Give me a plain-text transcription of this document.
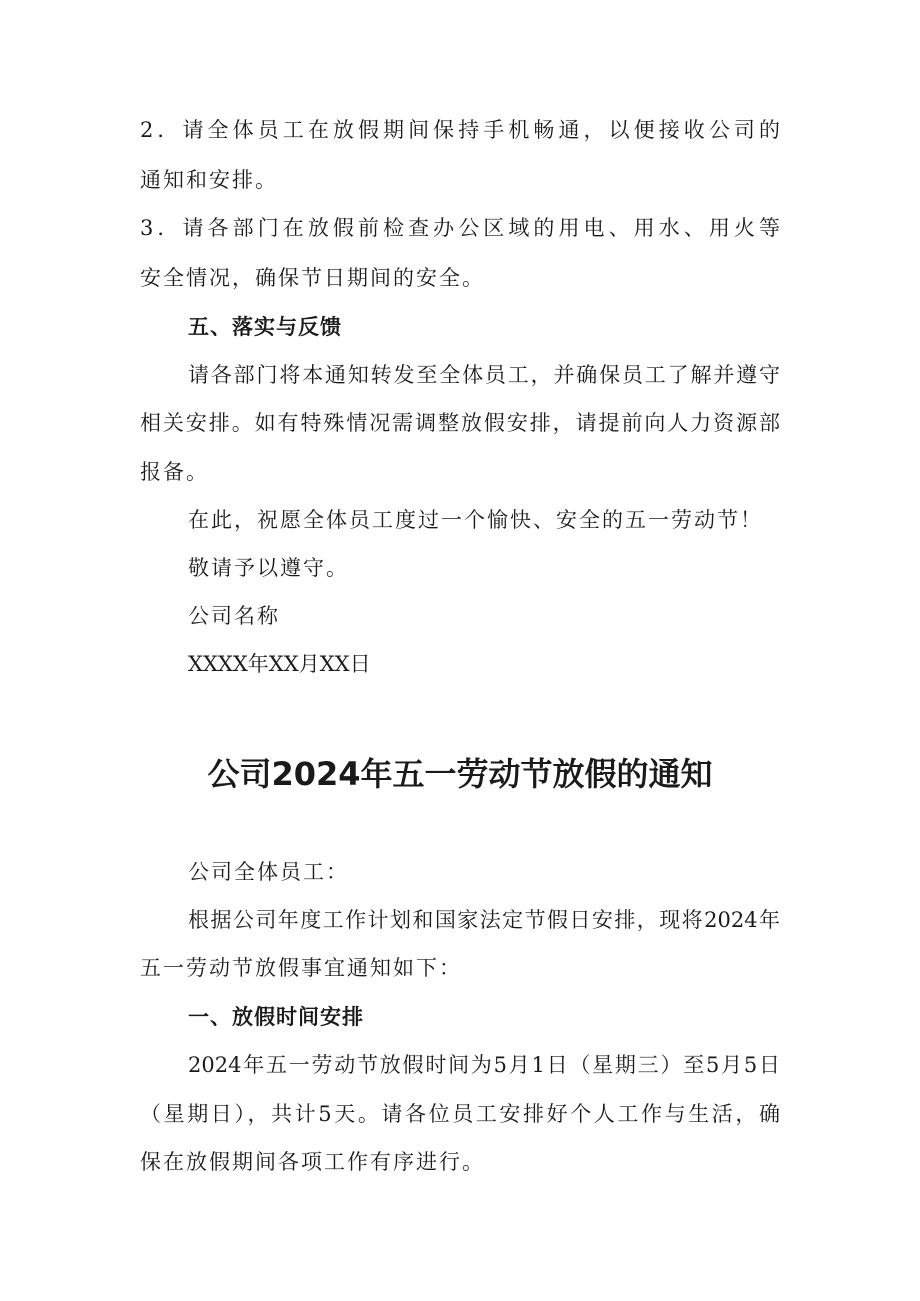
2．请全体员工在放假期间保持手机畅通，以便接收公司的
通知和安排。
3．请各部门在放假前检查办公区域的用电、用水、用火等
安全情况，确保节日期间的安全。
五、落实与反馈
请各部门将本通知转发至全体员工，并确保员工了解并遵守
相关安排。如有特殊情况需调整放假安排，请提前向人力资源部
报备。
在此，祝愿全体员工度过一个愉快、安全的五一劳动节！
敬请予以遵守。
公司名称
XXXX年XX月XX日
公司2024年五一劳动节放假的通知
公司全体员工：
根据公司年度工作计划和国家法定节假日安排，现将2024年
五一劳动节放假事宜通知如下：
一、放假时间安排
2024年五一劳动节放假时间为5月1日（星期三）至5月5日
（星期日），共计5天。请各位员工安排好个人工作与生活，确
保在放假期间各项工作有序进行。
